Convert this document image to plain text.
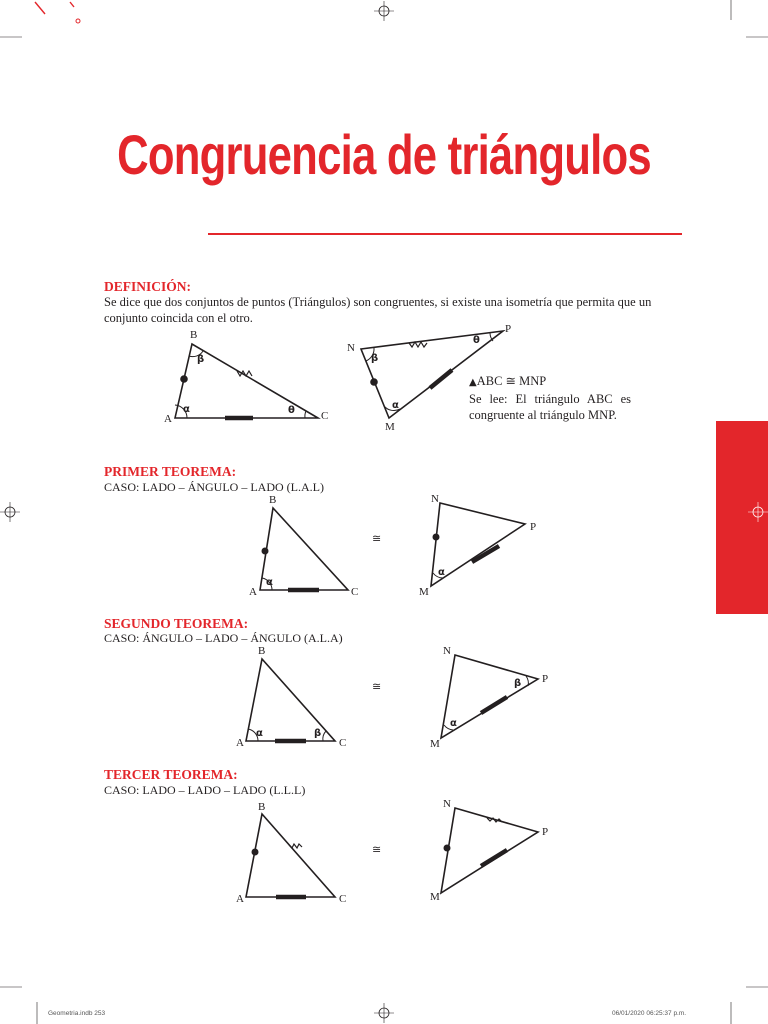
Congruencia de triángulos
DEFINICIÓN:
Se dice que dos conjuntos de puntos (Triángulos) son congruentes, si existe una isometría que permita que un conjunto coincida con el otro.
▲ABC ≅ MNP
Se lee: El triángulo ABC es congruente al triángulo MNP.
PRIMER TEOREMA:
CASO: LADO – ÁNGULO – LADO (L.A.L)
SEGUNDO TEOREMA:
CASO: ÁNGULO – LADO – ÁNGULO (A.L.A)
TERCER TEOREMA:
CASO: LADO – LADO – LADO (L.L.L)
A
B
C
M
N
P
α
β
θ	α
β
θ
A
B
C
α
≅
M
N
P
α
A
B
C
α	β
≅
M
N
P
α
β
A
B
C
≅
M
N
P
Geometria.indb 253	06/01/2020 06:25:37 p.m.
